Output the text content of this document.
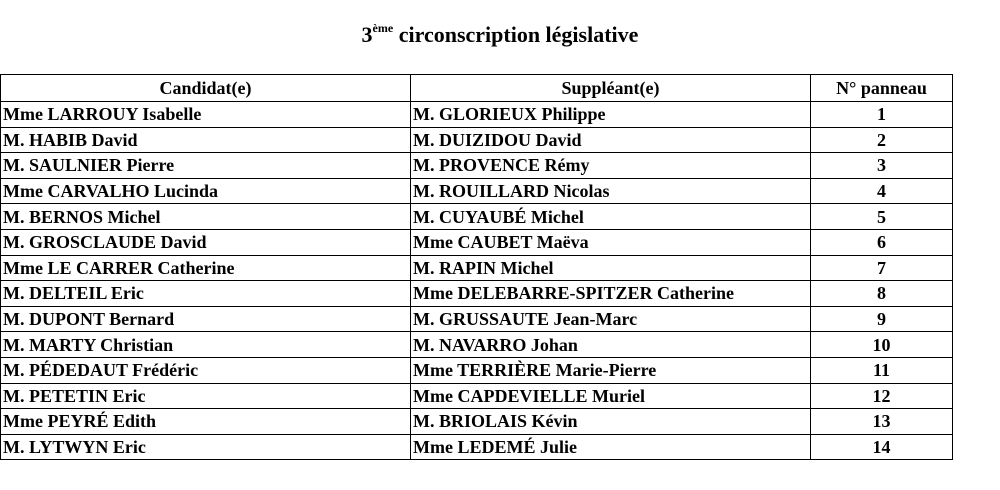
3ème circonscription législative
Candidat(e)	Suppléant(e)	N° panneau
Mme LARROUY Isabelle	M. GLORIEUX Philippe	1
M. HABIB David	M. DUIZIDOU David	2
M. SAULNIER Pierre	M. PROVENCE Rémy	3
Mme CARVALHO Lucinda	M. ROUILLARD Nicolas	4
M. BERNOS Michel	M. CUYAUBÉ Michel	5
M. GROSCLAUDE David	Mme CAUBET Maëva	6
Mme LE CARRER Catherine	M. RAPIN Michel	7
M. DELTEIL Eric	Mme DELEBARRE-SPITZER Catherine	8
M. DUPONT Bernard	M. GRUSSAUTE Jean-Marc	9
M. MARTY Christian	M. NAVARRO Johan	10
M. PÉDEDAUT Frédéric	Mme TERRIÈRE Marie-Pierre	11
M. PETETIN Eric	Mme CAPDEVIELLE Muriel	12
Mme PEYRÉ Edith	M. BRIOLAIS Kévin	13
M. LYTWYN Eric	Mme LEDEMÉ Julie	14
